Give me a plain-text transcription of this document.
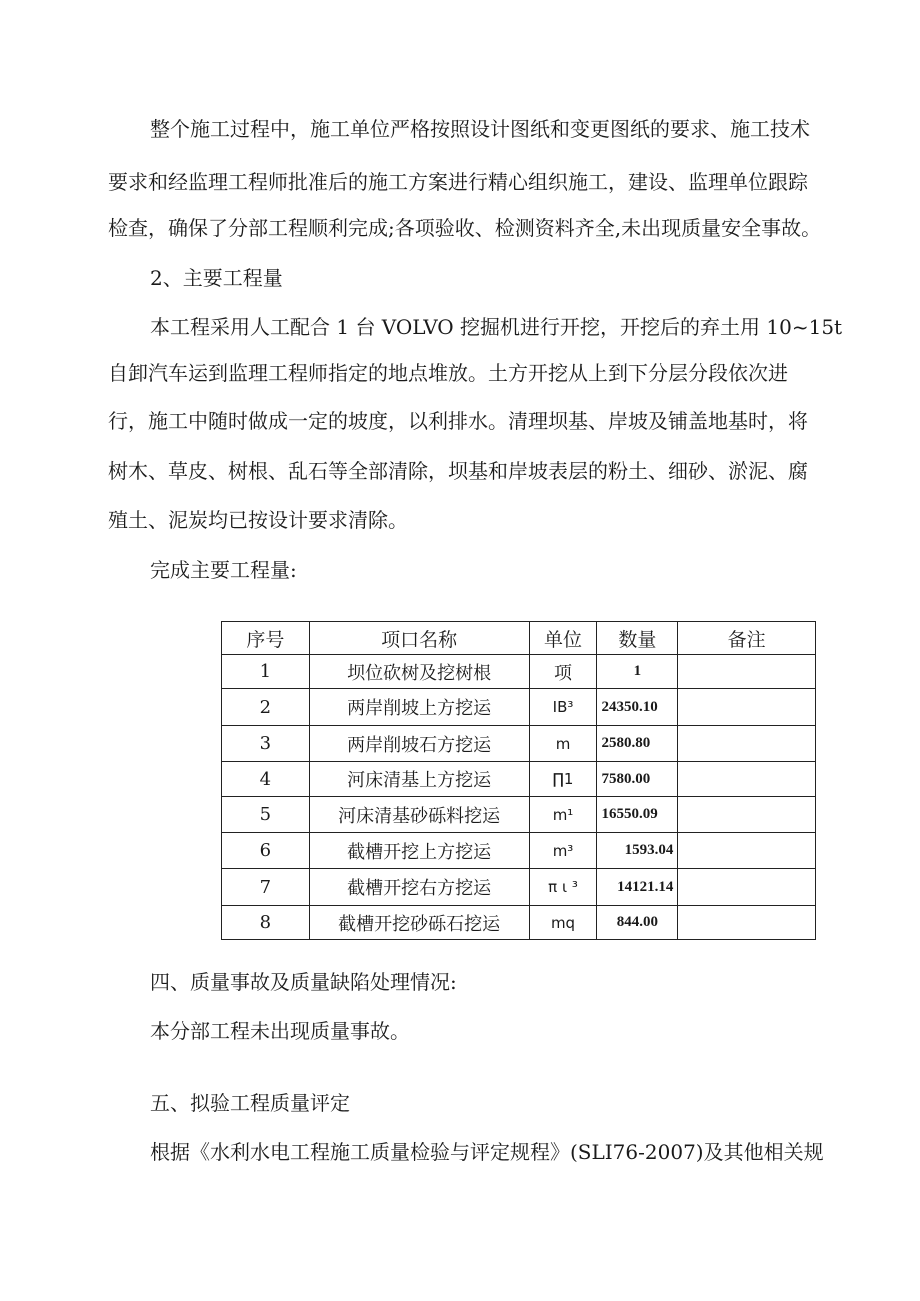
整个施工过程中，施工单位严格按照设计图纸和变更图纸的要求、施工技术

要求和经监理工程师批准后的施工方案进行精心组织施工，建设、监理单位跟踪

检查，确保了分部工程顺利完成;各项验收、检测资料齐全,未出现质量安全事故。

2、主要工程量

本工程采用人工配合 1 台 VOLVO 挖掘机进行开挖，开挖后的弃土用 10~15t

自卸汽车运到监理工程师指定的地点堆放。土方开挖从上到下分层分段依次进

行，施工中随时做成一定的坡度，以利排水。清理坝基、岸坡及铺盖地基时，将

树木、草皮、树根、乱石等全部清除，坝基和岸坡表层的粉土、细砂、淤泥、腐

殖土、泥炭均已按设计要求清除。

完成主要工程量:

序号	项口名称	单位	数量	备注
1	坝位砍树及挖树根	项	1	
2	两岸削坡上方挖运	IB³	24350.10	
3	两岸削坡石方挖运	m	2580.80	
4	河床清基上方挖运	∏1	7580.00	
5	河床清基砂砾料挖运	m¹	16550.09	
6	截槽开挖上方挖运	m³	1593.04	
7	截槽开挖右方挖运	π ι ³	14121.14	
8	截槽开挖砂砾石挖运	mq	844.00	

四、质量事故及质量缺陷处理情况:

本分部工程未出现质量事故。

五、拟验工程质量评定

根据《水利水电工程施工质量检验与评定规程》(SLI76-2007)及其他相关规
